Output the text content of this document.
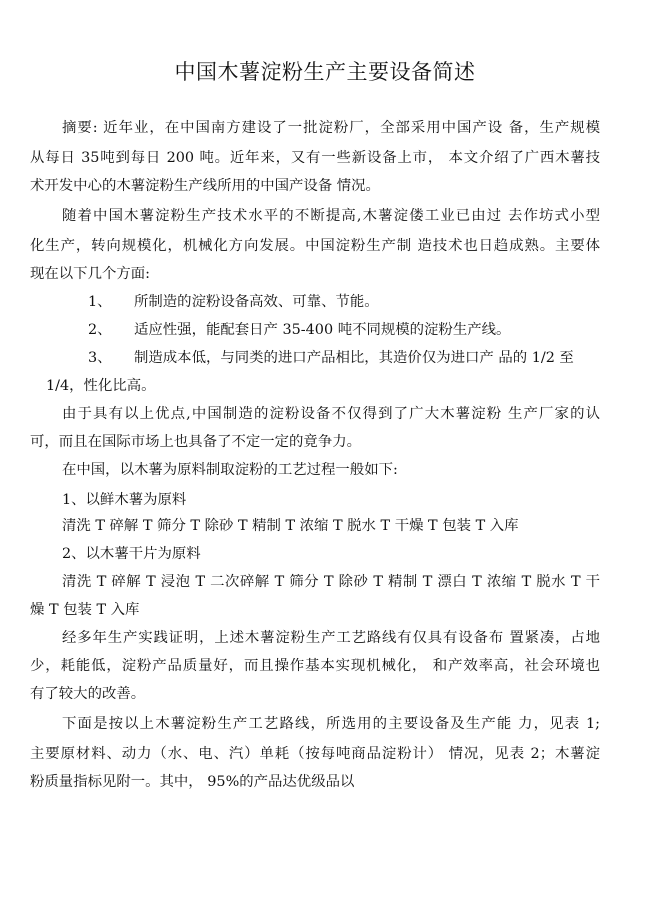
中国木薯淀粉生产主要设备简述

摘要: 近年业，在中国南方建设了一批淀粉厂，全部采用中国产设 备，生产规模

从每日 35吨到每日 200 吨。近年来，又有一些新设备上市， 本文介绍了广西木薯技

术开发中心的木薯淀粉生产线所用的中国产设备 情况。

随着中国木薯淀粉生产技术水平的不断提高,木薯淀偻工业已由过 去作坊式小型

化生产，转向规模化，机械化方向发展。中国淀粉生产制 造技术也日趋成熟。主要体

现在以下几个方面:

1、 所制造的淀粉设备高效、可靠、节能。

2、 适应性强，能配套日产 35-400 吨不同规模的淀粉生产线。

3、 制造成本低，与同类的进口产品相比，其造价仅为进口产 品的 1/2 至

1/4，性化比高。

由于具有以上优点,中国制造的淀粉设备不仅得到了广大木薯淀粉 生产厂家的认

可，而且在国际市场上也具备了不定一定的竟争力。

在中国，以木薯为原料制取淀粉的工艺过程一般如下:

1、以鲜木薯为原料

清洗 T 碎解 T 筛分 T 除砂 T 精制 T 浓缩 T 脱水 T 干燥 T 包装 T 入库

2、以木薯干片为原料

清洗 T 碎解 T 浸泡 T 二次碎解 T 筛分 T 除砂 T 精制 T 漂白 T 浓缩 T 脱水 T 干

燥 T 包装 T 入库

经多年生产实践证明，上述木薯淀粉生产工艺路线有仅具有设备布 置紧凑，占地

少，耗能低，淀粉产品质量好，而且操作基本实现机械化， 和产效率高，社会环境也

有了较大的改善。

下面是按以上木薯淀粉生产工艺路线，所选用的主要设备及生产能 力，见表 1;

主要原材料、动力（水、电、汽）单耗（按每吨商品淀粉计） 情况，见表 2；木薯淀

粉质量指标见附一。其中， 95%的产品达优级品以
